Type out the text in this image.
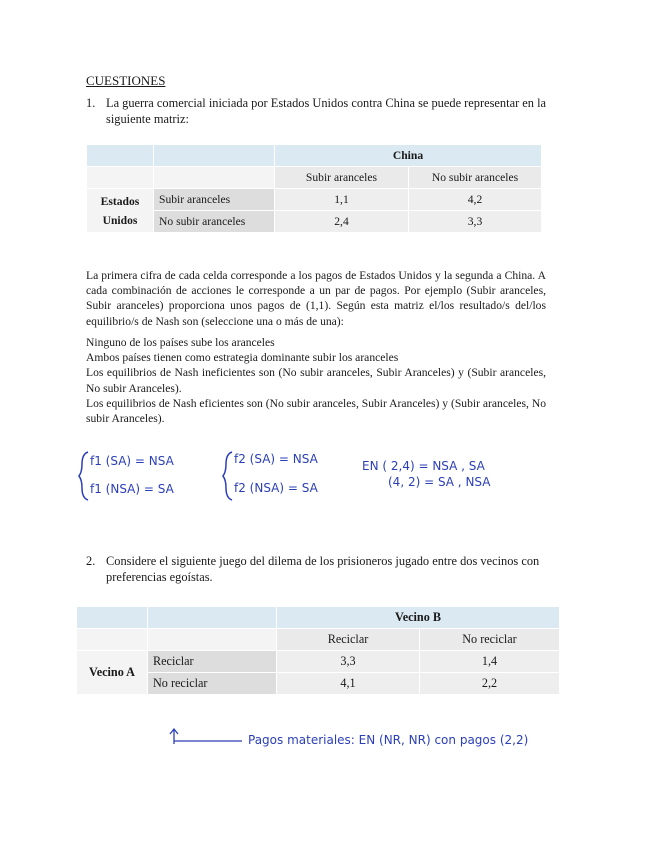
CUESTIONES
1. La guerra comercial iniciada por Estados Unidos contra China se puede representar en la siguiente matriz:
		China	
		Subir aranceles	No subir aranceles
Estados
Unidos	Subir aranceles	1,1	4,2
	No subir aranceles	2,4	3,3
La primera cifra de cada celda corresponde a los pagos de Estados Unidos y la segunda a China. A cada combinación de acciones le corresponde a un par de pagos. Por ejemplo (Subir aranceles, Subir aranceles) proporciona unos pagos de (1,1). Según esta matriz el/los resultado/s del/los equilibrio/s de Nash son (seleccione una o más de una):
Ninguno de los países sube los aranceles
Ambos países tienen como estrategia dominante subir los aranceles
Los equilibrios de Nash ineficientes son (No subir aranceles, Subir Aranceles) y (Subir aranceles, No subir Aranceles).
Los equilibrios de Nash eficientes son (No subir aranceles, Subir Aranceles) y (Subir aranceles, No subir Aranceles).
f1 (SA) = NSA
f1 (NSA) = SA
f2 (SA) = NSA
f2 (NSA) = SA
EN ( 2,4) = NSA , SA
(4, 2) = SA , NSA
2. Considere el siguiente juego del dilema de los prisioneros jugado entre dos vecinos con preferencias egoístas.
		Vecino B	
		Reciclar	No reciclar
Vecino A	Reciclar	3,3	1,4
	No reciclar	4,1	2,2
Pagos materiales: EN (NR, NR) con pagos (2,2)
